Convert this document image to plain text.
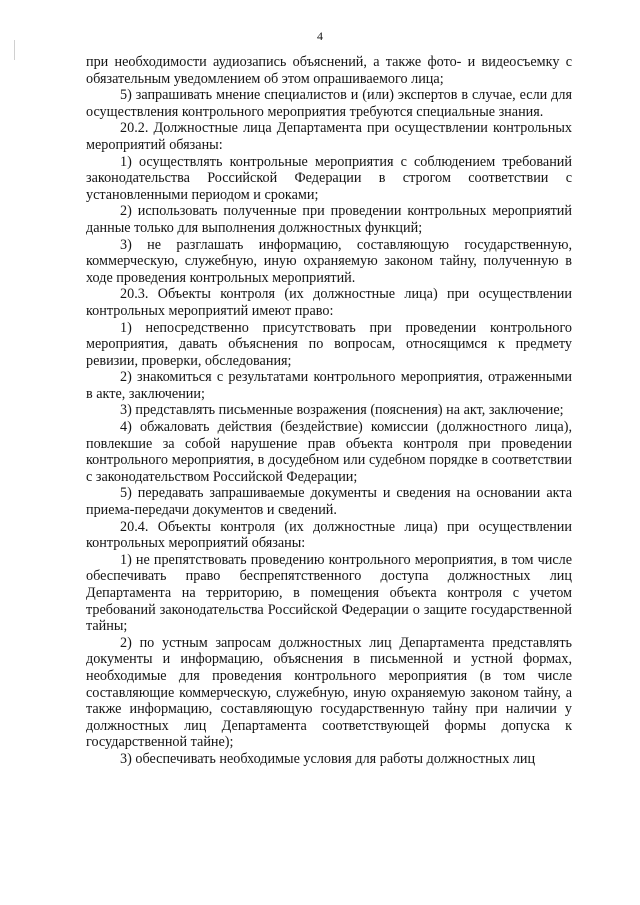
4

при необходимости аудиозапись объяснений, а также фото- и видеосъемку с обязательным уведомлением об этом опрашиваемого лица;

5) запрашивать мнение специалистов и (или) экспертов в случае, если для осуществления контрольного мероприятия требуются специальные знания.

20.2. Должностные лица Департамента при осуществлении контрольных мероприятий обязаны:

1) осуществлять контрольные мероприятия с соблюдением требований законодательства Российской Федерации в строгом соответствии с установленными периодом и сроками;

2) использовать полученные при проведении контрольных мероприятий данные только для выполнения должностных функций;

3) не разглашать информацию, составляющую государственную, коммерческую, служебную, иную охраняемую законом тайну, полученную в ходе проведения контрольных мероприятий.

20.3. Объекты контроля (их должностные лица) при осуществлении контрольных мероприятий имеют право:

1) непосредственно присутствовать при проведении контрольного мероприятия, давать объяснения по вопросам, относящимся к предмету ревизии, проверки, обследования;

2) знакомиться с результатами контрольного мероприятия, отраженными в акте, заключении;

3) представлять письменные возражения (пояснения) на акт, заключение;

4) обжаловать действия (бездействие) комиссии (должностного лица), повлекшие за собой нарушение прав объекта контроля при проведении контрольного мероприятия, в досудебном или судебном порядке в соответствии с законодательством Российской Федерации;

5) передавать запрашиваемые документы и сведения на основании акта приема-передачи документов и сведений.

20.4. Объекты контроля (их должностные лица) при осуществлении контрольных мероприятий обязаны:

1) не препятствовать проведению контрольного мероприятия, в том числе обеспечивать право беспрепятственного доступа должностных лиц Департамента на территорию, в помещения объекта контроля с учетом требований законодательства Российской Федерации о защите государственной тайны;

2) по устным запросам должностных лиц Департамента представлять документы и информацию, объяснения в письменной и устной формах, необходимые для проведения контрольного мероприятия (в том числе составляющие коммерческую, служебную, иную охраняемую законом тайну, а также информацию, составляющую государственную тайну при наличии у должностных лиц Департамента соответствующей формы допуска к государственной тайне);

3) обеспечивать необходимые условия для работы должностных лиц
